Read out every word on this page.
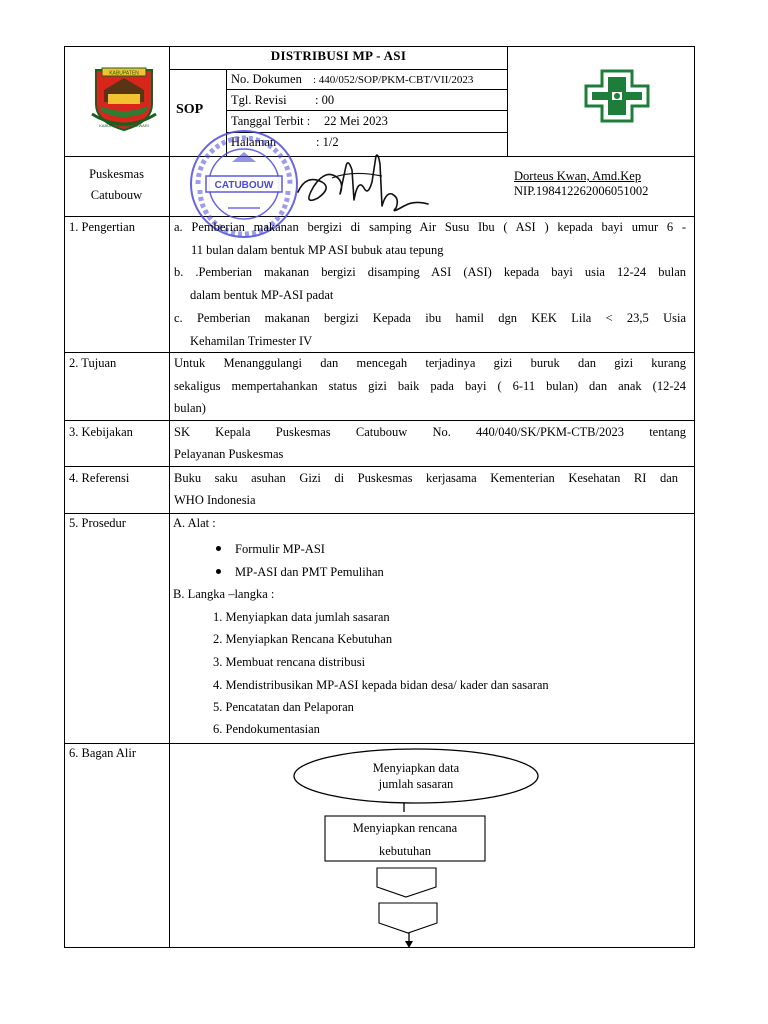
KABUPATEN
KABUPATEN MANOKWARI
DISTRIBUSI MP - ASI
SOP
No. Dokumen : 440/052/SOP/PKM-CBT/VII/2023
Tgl. Revisi : 00
Tanggal Terbit : 22 Mei 2023
Halaman	: 1/2
Puskesmas
Catubouw
Dorteus Kwan, Amd.Kep
NIP.198412262006051002
CATUBOUW
1. Pengertian	a. Pemberian makanan bergizi di samping Air Susu Ibu ( ASI ) kepada bayi umur 6 -
11 bulan dalam bentuk MP ASI bubuk atau tepung
b. .Pemberian makanan bergizi disamping ASI (ASI) kepada bayi usia 12-24 bulan
dalam bentuk MP-ASI padat
c. Pemberian makanan bergizi Kepada ibu hamil dgn KEK Lila < 23,5 Usia
Kehamilan Trimester IV
2. Tujuan	Untuk Menanggulangi dan mencegah terjadinya gizi buruk dan gizi kurang
sekaligus mempertahankan status gizi baik pada bayi ( 6-11 bulan) dan anak (12-24
bulan)
3. Kebijakan	SK Kepala Puskesmas Catubouw No. 440/040/SK/PKM-CTB/2023 tentang
Pelayanan Puskesmas
4. Referensi	Buku saku asuhan Gizi di Puskesmas kerjasama Kementerian Kesehatan RI dan
WHO Indonesia
5. Prosedur	A. Alat :
Formulir MP-ASI
MP-ASI dan PMT Pemulihan
B. Langka –langka :
1. Menyiapkan data jumlah sasaran
2. Menyiapkan Rencana Kebutuhan
3. Membuat rencana distribusi
4. Mendistribusikan MP-ASI kepada bidan desa/ kader dan sasaran
5. Pencatatan dan Pelaporan
6. Pendokumentasian
6. Bagan Alir
Menyiapkan data
jumlah sasaran
Menyiapkan rencana
kebutuhan
